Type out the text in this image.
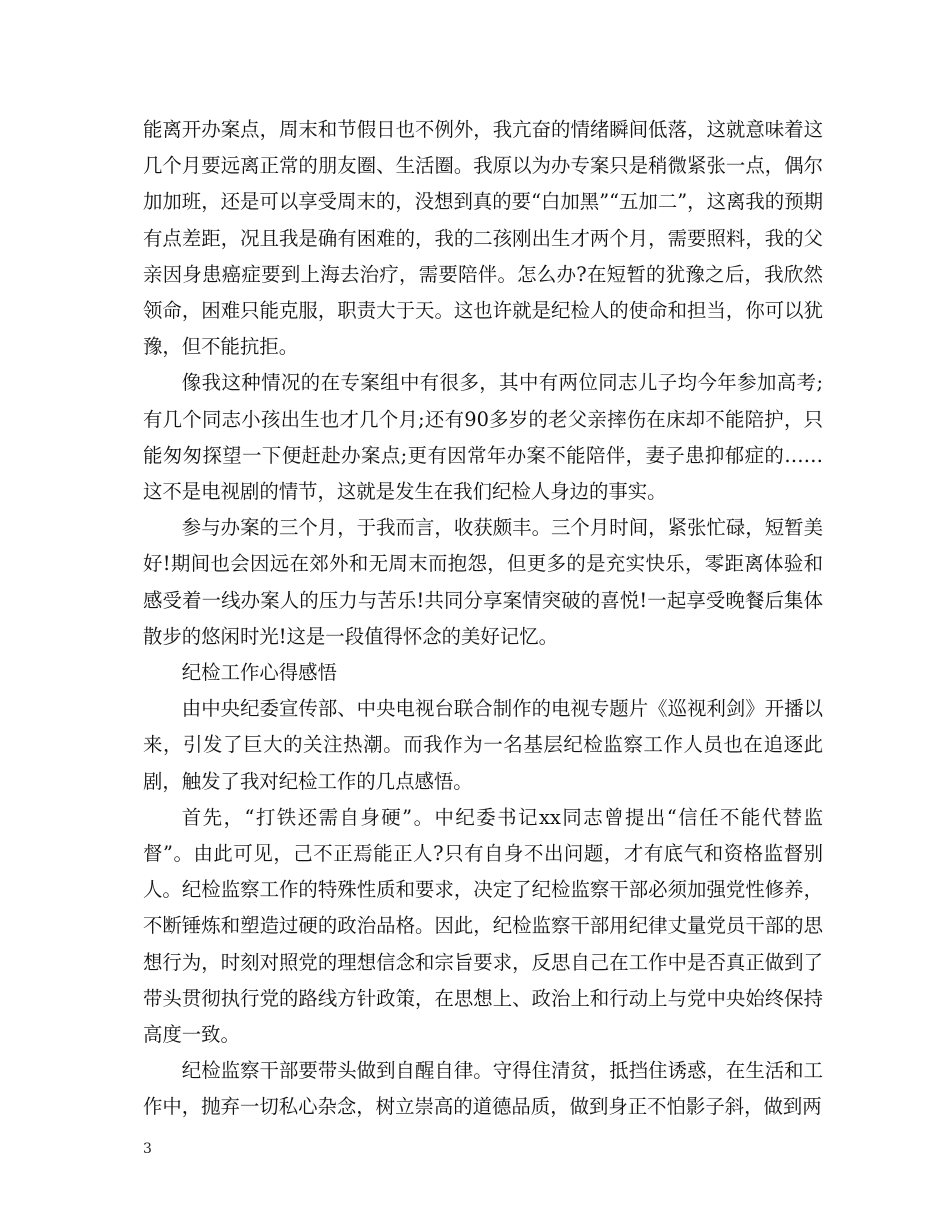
能离开办案点，周末和节假日也不例外，我亢奋的情绪瞬间低落，这就意味着这几个月要远离正常的朋友圈、生活圈。我原以为办专案只是稍微紧张一点，偶尔加加班，还是可以享受周末的，没想到真的要“白加黑”“五加二”，这离我的预期有点差距，况且我是确有困难的，我的二孩刚出生才两个月，需要照料，我的父亲因身患癌症要到上海去治疗，需要陪伴。怎么办?在短暂的犹豫之后，我欣然领命，困难只能克服，职责大于天。这也许就是纪检人的使命和担当，你可以犹豫，但不能抗拒。

像我这种情况的在专案组中有很多，其中有两位同志儿子均今年参加高考;有几个同志小孩出生也才几个月;还有90多岁的老父亲摔伤在床却不能陪护，只能匆匆探望一下便赶赴办案点;更有因常年办案不能陪伴，妻子患抑郁症的……这不是电视剧的情节，这就是发生在我们纪检人身边的事实。

参与办案的三个月，于我而言，收获颇丰。三个月时间，紧张忙碌，短暂美好!期间也会因远在郊外和无周末而抱怨，但更多的是充实快乐，零距离体验和感受着一线办案人的压力与苦乐!共同分享案情突破的喜悦!一起享受晚餐后集体散步的悠闲时光!这是一段值得怀念的美好记忆。

纪检工作心得感悟

由中央纪委宣传部、中央电视台联合制作的电视专题片《巡视利剑》开播以来，引发了巨大的关注热潮。而我作为一名基层纪检监察工作人员也在追逐此剧，触发了我对纪检工作的几点感悟。

首先，“打铁还需自身硬”。中纪委书记xx同志曾提出“信任不能代替监督”。由此可见，己不正焉能正人?只有自身不出问题，才有底气和资格监督别人。纪检监察工作的特殊性质和要求，决定了纪检监察干部必须加强党性修养，不断锤炼和塑造过硬的政治品格。因此，纪检监察干部用纪律丈量党员干部的思想行为，时刻对照党的理想信念和宗旨要求，反思自己在工作中是否真正做到了带头贯彻执行党的路线方针政策，在思想上、政治上和行动上与党中央始终保持高度一致。

纪检监察干部要带头做到自醒自律。守得住清贫，抵挡住诱惑，在生活和工作中，抛弃一切私心杂念，树立崇高的道德品质，做到身正不怕影子斜，做到两

3
